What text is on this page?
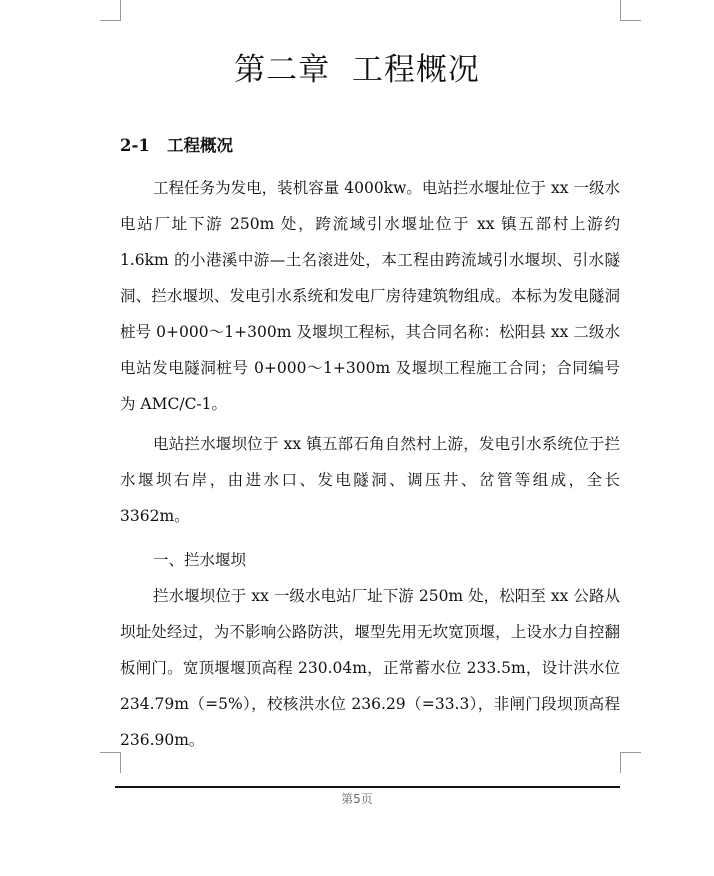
第二章  工程概况
2-1   工程概况

工程任务为发电，装机容量 4000kw。电站拦水堰址位于 xx 一级水电站厂址下游 250m 处，跨流域引水堰址位于 xx 镇五部村上游约 1.6km 的小港溪中游—土名滚进处，本工程由跨流域引水堰坝、引水隧洞、拦水堰坝、发电引水系统和发电厂房待建筑物组成。本标为发电隧洞桩号 0+000～1+300m 及堰坝工程标，其合同名称：松阳县 xx 二级水电站发电隧洞桩号 0+000～1+300m 及堰坝工程施工合同；合同编号为 AMC/C-1。

电站拦水堰坝位于 xx 镇五部石角自然村上游，发电引水系统位于拦水堰坝右岸，由进水口、发电隧洞、调压井、岔管等组成，全长 3362m。

一、拦水堰坝

拦水堰坝位于 xx 一级水电站厂址下游 250m 处，松阳至 xx 公路从坝址处经过，为不影响公路防洪，堰型先用无坎宽顶堰，上设水力自控翻板闸门。宽顶堰堰顶高程 230.04m，正常蓄水位 233.5m，设计洪水位 234.79m（=5%），校核洪水位 236.29（=33.3），非闸门段坝顶高程 236.90m。

第5页
